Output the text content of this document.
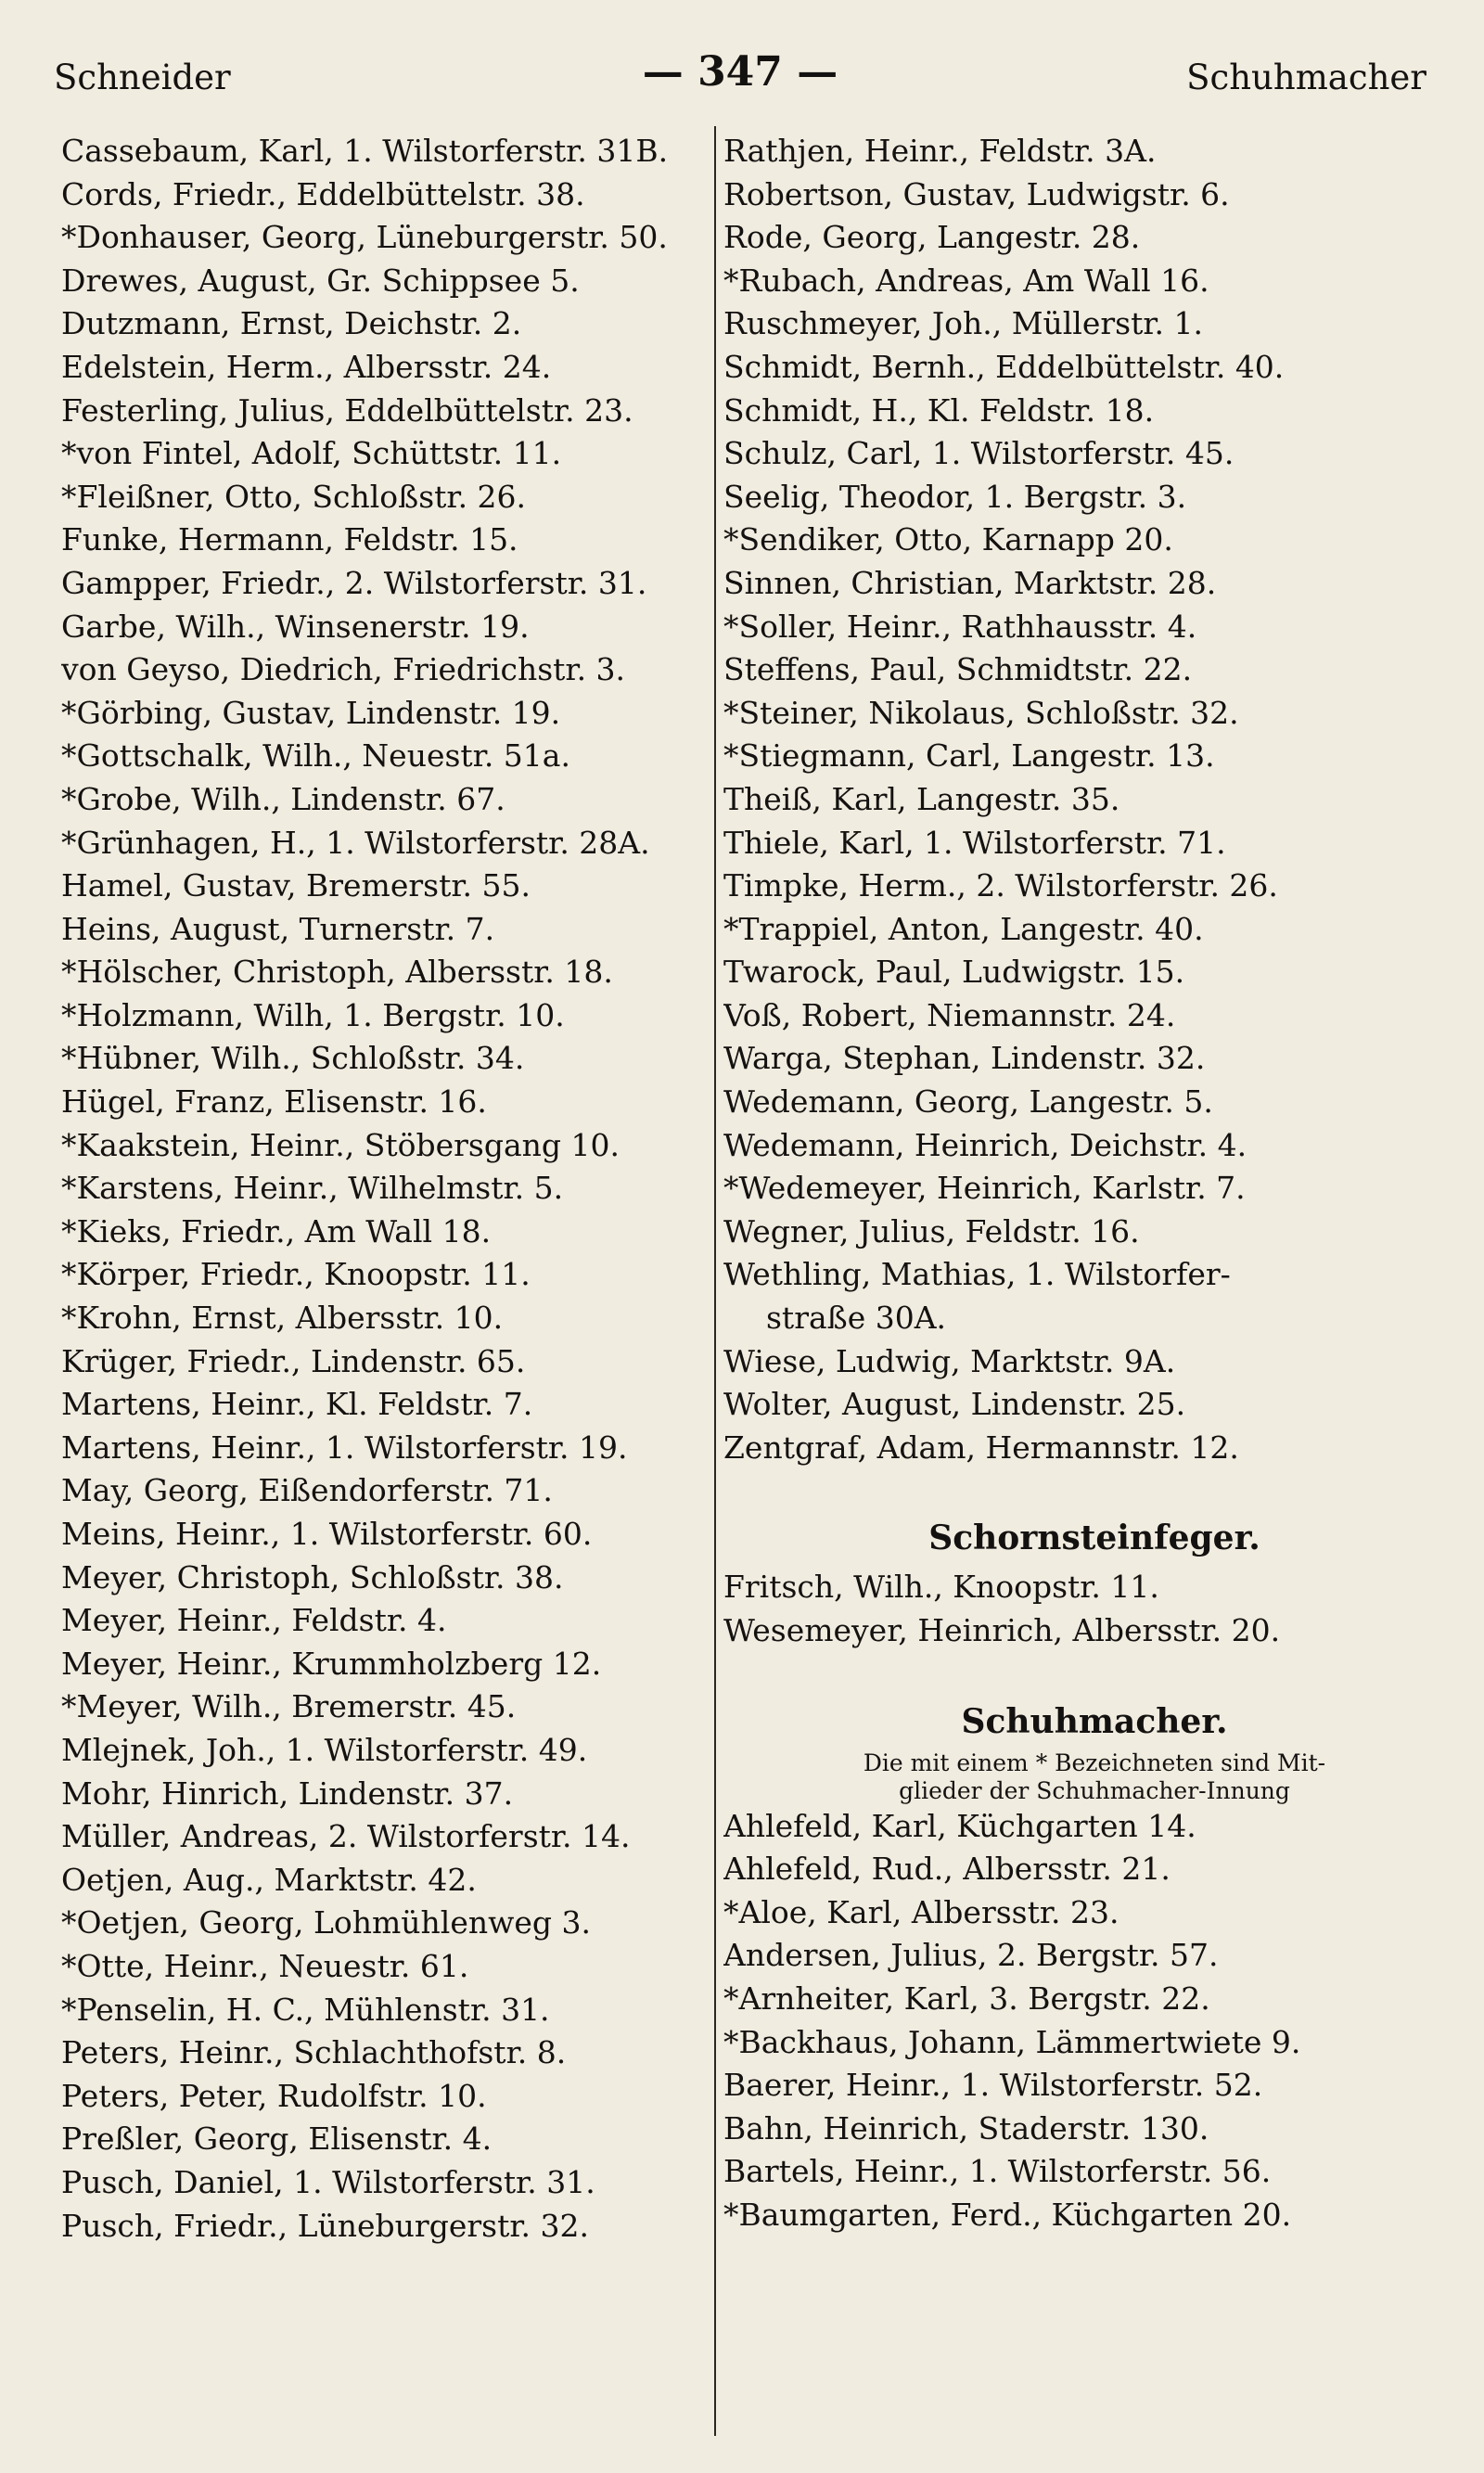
Schneider	— 347 —	Schuhmacher
Cassebaum, Karl, 1. Wilstorferstr. 31B.
Cords, Friedr., Eddelbüttelstr. 38.
*Donhauser, Georg, Lüneburgerstr. 50.
Drewes, August, Gr. Schippsee 5.
Dutzmann, Ernst, Deichstr. 2.
Edelstein, Herm., Albersstr. 24.
Festerling, Julius, Eddelbüttelstr. 23.
*von Fintel, Adolf, Schüttstr. 11.
*Fleißner, Otto, Schloßstr. 26.
Funke, Hermann, Feldstr. 15.
Gampper, Friedr., 2. Wilstorferstr. 31.
Garbe, Wilh., Winsenerstr. 19.
von Geyso, Diedrich, Friedrichstr. 3.
*Görbing, Gustav, Lindenstr. 19.
*Gottschalk, Wilh., Neuestr. 51a.
*Grobe, Wilh., Lindenstr. 67.
*Grünhagen, H., 1. Wilstorferstr. 28A.
Hamel, Gustav, Bremerstr. 55.
Heins, August, Turnerstr. 7.
*Hölscher, Christoph, Albersstr. 18.
*Holzmann, Wilh, 1. Bergstr. 10.
*Hübner, Wilh., Schloßstr. 34.
Hügel, Franz, Elisenstr. 16.
*Kaakstein, Heinr., Stöbersgang 10.
*Karstens, Heinr., Wilhelmstr. 5.
*Kieks, Friedr., Am Wall 18.
*Körper, Friedr., Knoopstr. 11.
*Krohn, Ernst, Albersstr. 10.
Krüger, Friedr., Lindenstr. 65.
Martens, Heinr., Kl. Feldstr. 7.
Martens, Heinr., 1. Wilstorferstr. 19.
May, Georg, Eißendorferstr. 71.
Meins, Heinr., 1. Wilstorferstr. 60.
Meyer, Christoph, Schloßstr. 38.
Meyer, Heinr., Feldstr. 4.
Meyer, Heinr., Krummholzberg 12.
*Meyer, Wilh., Bremerstr. 45.
Mlejnek, Joh., 1. Wilstorferstr. 49.
Mohr, Hinrich, Lindenstr. 37.
Müller, Andreas, 2. Wilstorferstr. 14.
Oetjen, Aug., Marktstr. 42.
*Oetjen, Georg, Lohmühlenweg 3.
*Otte, Heinr., Neuestr. 61.
*Penselin, H. C., Mühlenstr. 31.
Peters, Heinr., Schlachthofstr. 8.
Peters, Peter, Rudolfstr. 10.
Preßler, Georg, Elisenstr. 4.
Pusch, Daniel, 1. Wilstorferstr. 31.
Pusch, Friedr., Lüneburgerstr. 32.
Rathjen, Heinr., Feldstr. 3A.
Robertson, Gustav, Ludwigstr. 6.
Rode, Georg, Langestr. 28.
*Rubach, Andreas, Am Wall 16.
Ruschmeyer, Joh., Müllerstr. 1.
Schmidt, Bernh., Eddelbüttelstr. 40.
Schmidt, H., Kl. Feldstr. 18.
Schulz, Carl, 1. Wilstorferstr. 45.
Seelig, Theodor, 1. Bergstr. 3.
*Sendiker, Otto, Karnapp 20.
Sinnen, Christian, Marktstr. 28.
*Soller, Heinr., Rathhausstr. 4.
Steffens, Paul, Schmidtstr. 22.
*Steiner, Nikolaus, Schloßstr. 32.
*Stiegmann, Carl, Langestr. 13.
Theiß, Karl, Langestr. 35.
Thiele, Karl, 1. Wilstorferstr. 71.
Timpke, Herm., 2. Wilstorferstr. 26.
*Trappiel, Anton, Langestr. 40.
Twarock, Paul, Ludwigstr. 15.
Voß, Robert, Niemannstr. 24.
Warga, Stephan, Lindenstr. 32.
Wedemann, Georg, Langestr. 5.
Wedemann, Heinrich, Deichstr. 4.
*Wedemeyer, Heinrich, Karlstr. 7.
Wegner, Julius, Feldstr. 16.
Wethling, Mathias, 1. Wilstorfer-
straße 30A.
Wiese, Ludwig, Marktstr. 9A.
Wolter, August, Lindenstr. 25.
Zentgraf, Adam, Hermannstr. 12.
Schornsteinfeger.
Fritsch, Wilh., Knoopstr. 11.
Wesemeyer, Heinrich, Albersstr. 20.
Schuhmacher.
Die mit einem * Bezeichneten sind Mit-
glieder der Schuhmacher-Innung
Ahlefeld, Karl, Küchgarten 14.
Ahlefeld, Rud., Albersstr. 21.
*Aloe, Karl, Albersstr. 23.
Andersen, Julius, 2. Bergstr. 57.
*Arnheiter, Karl, 3. Bergstr. 22.
*Backhaus, Johann, Lämmertwiete 9.
Baerer, Heinr., 1. Wilstorferstr. 52.
Bahn, Heinrich, Staderstr. 130.
Bartels, Heinr., 1. Wilstorferstr. 56.
*Baumgarten, Ferd., Küchgarten 20.
